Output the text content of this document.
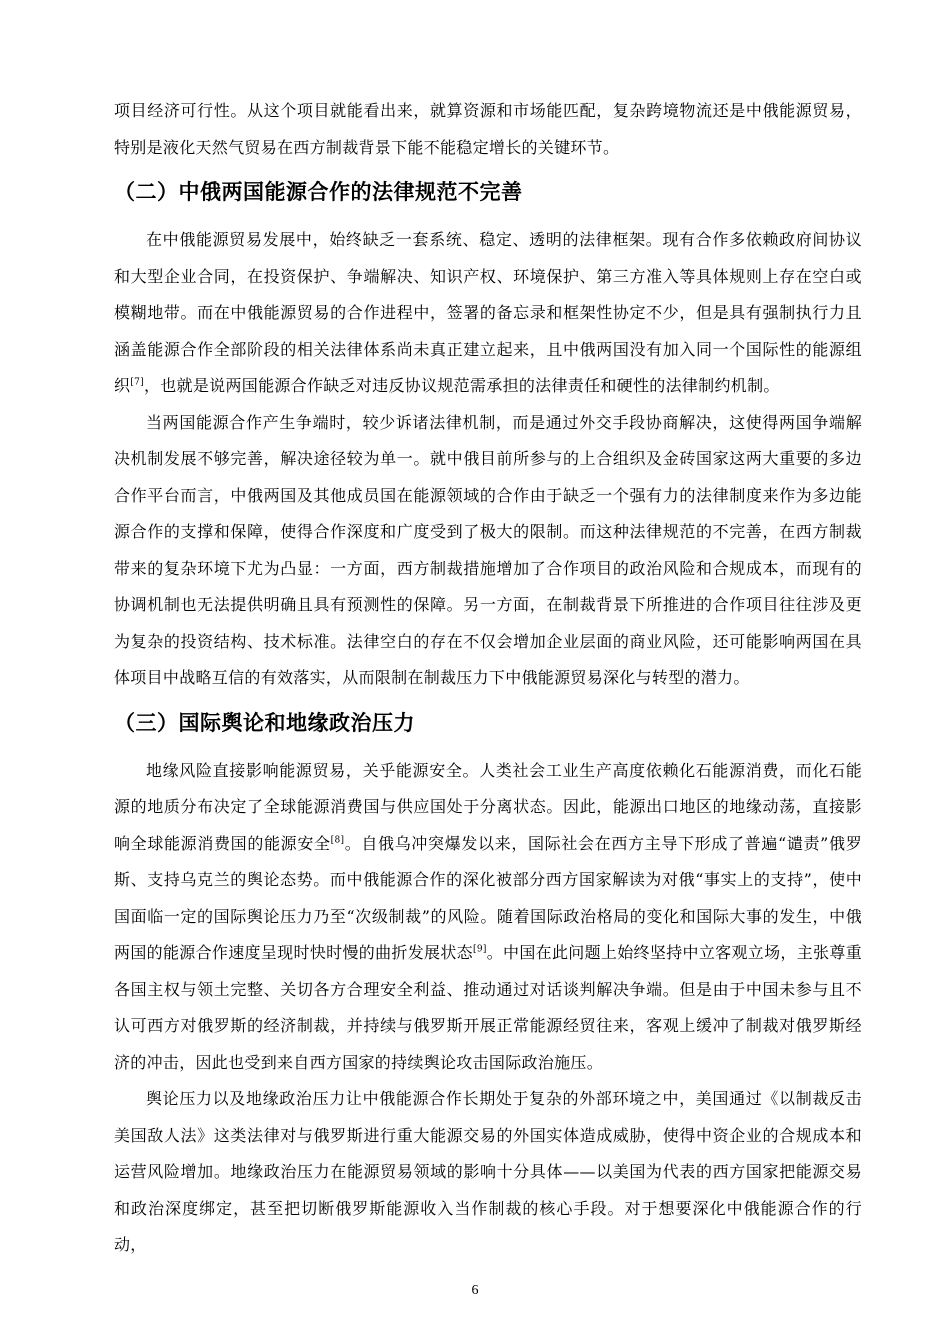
项目经济可行性。从这个项目就能看出来，就算资源和市场能匹配，复杂跨境物流还是中俄能源贸易，特别是液化天然气贸易在西方制裁背景下能不能稳定增长的关键环节。

（二）中俄两国能源合作的法律规范不完善

在中俄能源贸易发展中，始终缺乏一套系统、稳定、透明的法律框架。现有合作多依赖政府间协议和大型企业合同，在投资保护、争端解决、知识产权、环境保护、第三方准入等具体规则上存在空白或模糊地带。而在中俄能源贸易的合作进程中，签署的备忘录和框架性协定不少，但是具有强制执行力且涵盖能源合作全部阶段的相关法律体系尚未真正建立起来，且中俄两国没有加入同一个国际性的能源组织[7]，也就是说两国能源合作缺乏对违反协议规范需承担的法律责任和硬性的法律制约机制。

当两国能源合作产生争端时，较少诉诸法律机制，而是通过外交手段协商解决，这使得两国争端解决机制发展不够完善，解决途径较为单一。就中俄目前所参与的上合组织及金砖国家这两大重要的多边合作平台而言，中俄两国及其他成员国在能源领域的合作由于缺乏一个强有力的法律制度来作为多边能源合作的支撑和保障，使得合作深度和广度受到了极大的限制。而这种法律规范的不完善，在西方制裁带来的复杂环境下尤为凸显：一方面，西方制裁措施增加了合作项目的政治风险和合规成本，而现有的协调机制也无法提供明确且具有预测性的保障。另一方面，在制裁背景下所推进的合作项目往往涉及更为复杂的投资结构、技术标准。法律空白的存在不仅会增加企业层面的商业风险，还可能影响两国在具体项目中战略互信的有效落实，从而限制在制裁压力下中俄能源贸易深化与转型的潜力。

（三）国际舆论和地缘政治压力

地缘风险直接影响能源贸易，关乎能源安全。人类社会工业生产高度依赖化石能源消费，而化石能源的地质分布决定了全球能源消费国与供应国处于分离状态。因此，能源出口地区的地缘动荡，直接影响全球能源消费国的能源安全[8]。自俄乌冲突爆发以来，国际社会在西方主导下形成了普遍“谴责”俄罗斯、支持乌克兰的舆论态势。而中俄能源合作的深化被部分西方国家解读为对俄“事实上的支持”，使中国面临一定的国际舆论压力乃至“次级制裁”的风险。随着国际政治格局的变化和国际大事的发生，中俄两国的能源合作速度呈现时快时慢的曲折发展状态[9]。中国在此问题上始终坚持中立客观立场，主张尊重各国主权与领土完整、关切各方合理安全利益、推动通过对话谈判解决争端。但是由于中国未参与且不认可西方对俄罗斯的经济制裁，并持续与俄罗斯开展正常能源经贸往来，客观上缓冲了制裁对俄罗斯经济的冲击，因此也受到来自西方国家的持续舆论攻击国际政治施压。

舆论压力以及地缘政治压力让中俄能源合作长期处于复杂的外部环境之中，美国通过《以制裁反击美国敌人法》这类法律对与俄罗斯进行重大能源交易的外国实体造成威胁，使得中资企业的合规成本和运营风险增加。地缘政治压力在能源贸易领域的影响十分具体——以美国为代表的西方国家把能源交易和政治深度绑定，甚至把切断俄罗斯能源收入当作制裁的核心手段。对于想要深化中俄能源合作的行动，

6
